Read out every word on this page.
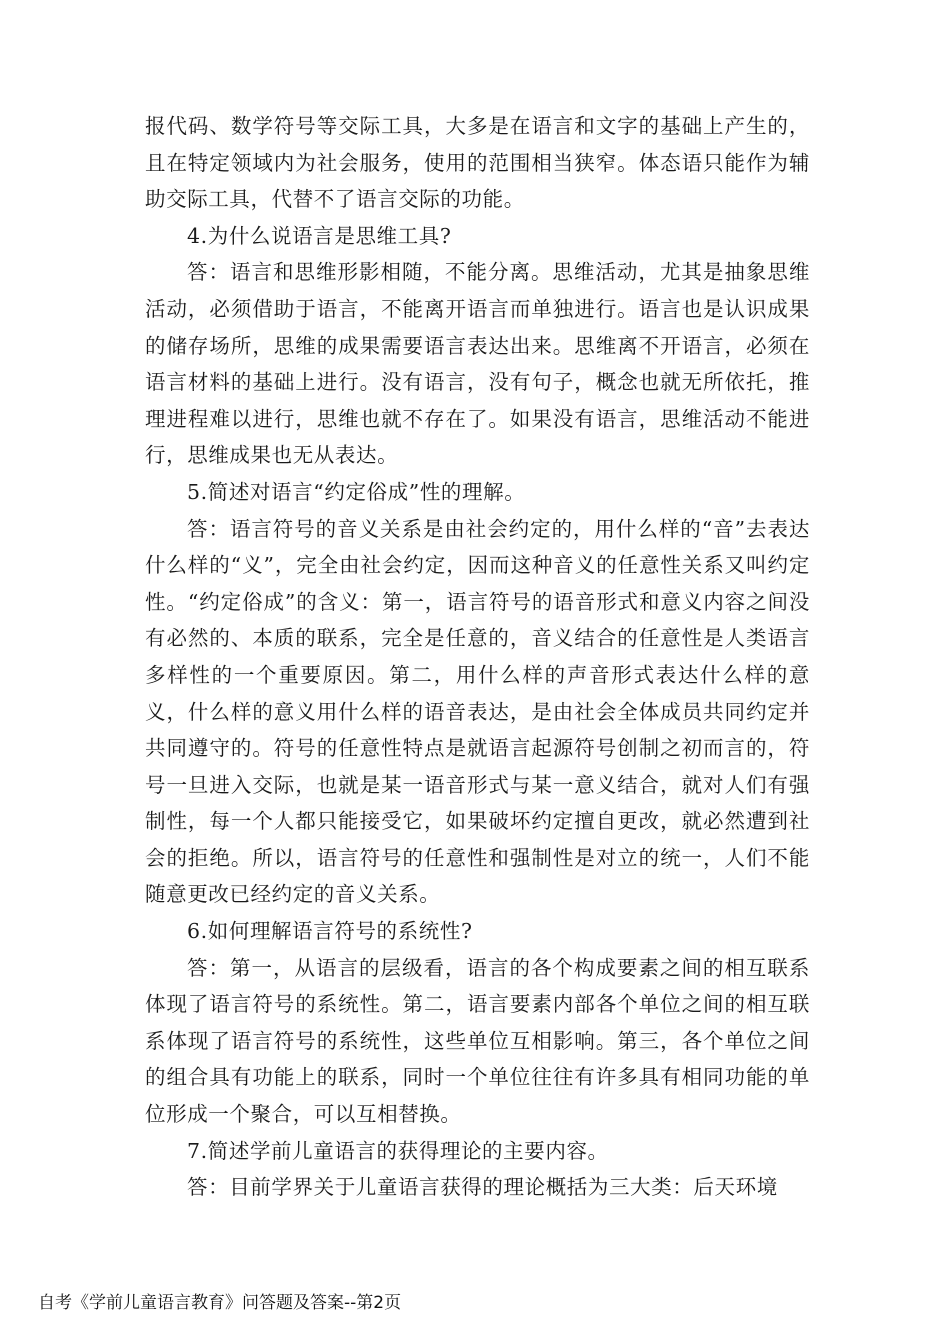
报代码、数学符号等交际工具，大多是在语言和文字的基础上产生的，且在特定领域内为社会服务，使用的范围相当狭窄。体态语只能作为辅助交际工具，代替不了语言交际的功能。

4.为什么说语言是思维工具?

答：语言和思维形影相随，不能分离。思维活动，尤其是抽象思维活动，必须借助于语言，不能离开语言而单独进行。语言也是认识成果的储存场所，思维的成果需要语言表达出来。思维离不开语言，必须在语言材料的基础上进行。没有语言，没有句子，概念也就无所依托，推理进程难以进行，思维也就不存在了。如果没有语言，思维活动不能进行，思维成果也无从表达。

5.简述对语言“约定俗成”性的理解。

答：语言符号的音义关系是由社会约定的，用什么样的“音”去表达什么样的“义”，完全由社会约定，因而这种音义的任意性关系又叫约定性。“约定俗成”的含义：第一，语言符号的语音形式和意义内容之间没有必然的、本质的联系，完全是任意的，音义结合的任意性是人类语言多样性的一个重要原因。第二，用什么样的声音形式表达什么样的意义，什么样的意义用什么样的语音表达，是由社会全体成员共同约定并共同遵守的。符号的任意性特点是就语言起源符号创制之初而言的，符号一旦进入交际，也就是某一语音形式与某一意义结合，就对人们有强制性，每一个人都只能接受它，如果破坏约定擅自更改，就必然遭到社会的拒绝。所以，语言符号的任意性和强制性是对立的统一，人们不能随意更改已经约定的音义关系。

6.如何理解语言符号的系统性?

答：第一，从语言的层级看，语言的各个构成要素之间的相互联系体现了语言符号的系统性。第二，语言要素内部各个单位之间的相互联系体现了语言符号的系统性，这些单位互相影响。第三，各个单位之间的组合具有功能上的联系，同时一个单位往往有许多具有相同功能的单位形成一个聚合，可以互相替换。

7.简述学前儿童语言的获得理论的主要内容。

答：目前学界关于儿童语言获得的理论概括为三大类：后天环境

自考《学前儿童语言教育》问答题及答案--第2页
